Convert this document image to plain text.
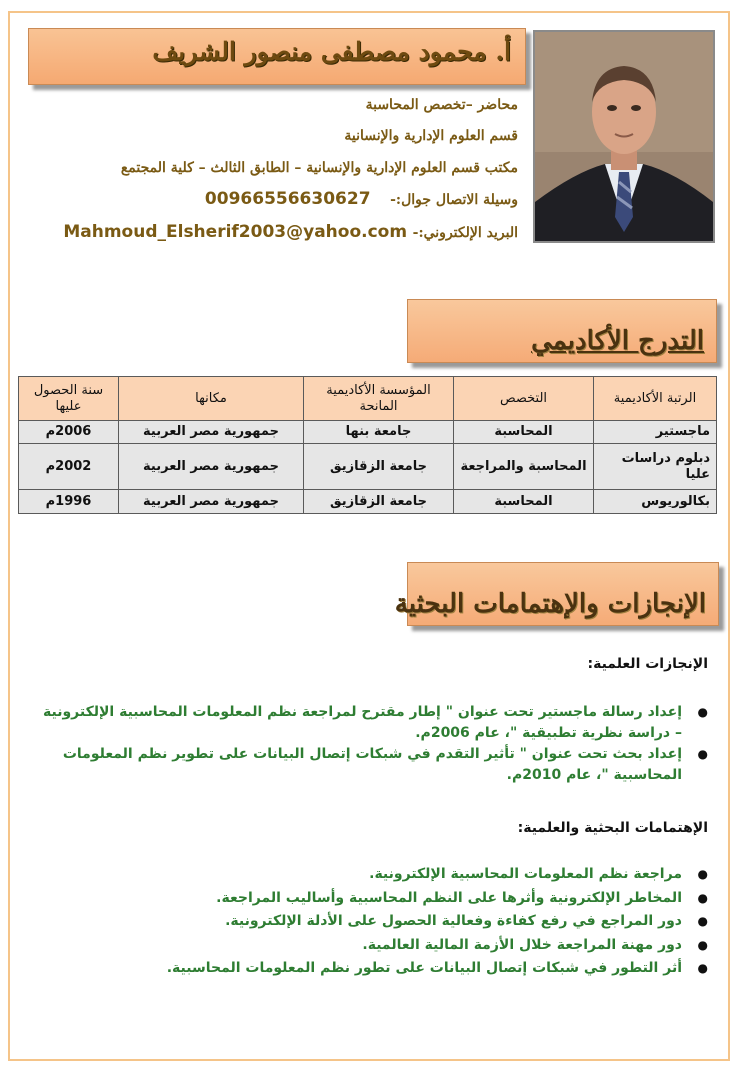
أ. محمود مصطفى منصور الشريف
محاضر –تخصص المحاسبة
قسم العلوم الإدارية والإنسانية
مكتب قسم العلوم الإدارية والإنسانية – الطابق الثالث – كلية المجتمع
وسيلة الاتصال جوال:- 00966556630627
البريد الإلكتروني:- Mahmoud_Elsherif2003@yahoo.com
التدرج الأكاديمي
الرتبة الأكاديمية	التخصص	المؤسسة الأكاديمية المانحة	مكانها	سنة الحصول عليها
ماجستير	المحاسبة	جامعة بنها	جمهورية مصر العربية	2006م
دبلوم دراسات عليا	المحاسبة والمراجعة	جامعة الزقازيق	جمهورية مصر العربية	2002م
بكالوريوس	المحاسبة	جامعة الزقازيق	جمهورية مصر العربية	1996م
الإنجازات والإهتمامات البحثية
الإنجازات العلمية:
●
إعداد رسالة ماجستير تحت عنوان " إطار مقترح لمراجعة نظم المعلومات المحاسبية الإلكترونية – دراسة نظرية تطبيقية "، عام 2006م.
●
إعداد بحث تحت عنوان " تأثير التقدم في شبكات إتصال البيانات على تطوير نظم المعلومات المحاسبية "، عام 2010م.
الإهتمامات البحثية والعلمية:
●
مراجعة نظم المعلومات المحاسبية الإلكترونية.
●
المخاطر الإلكترونية وأثرها على النظم المحاسبية وأساليب المراجعة.
●
دور المراجع في رفع كفاءة وفعالية الحصول على الأدلة الإلكترونية.
●
دور مهنة المراجعة خلال الأزمة المالية العالمية.
●
أثر التطور في شبكات إتصال البيانات على تطور نظم المعلومات المحاسبية.
